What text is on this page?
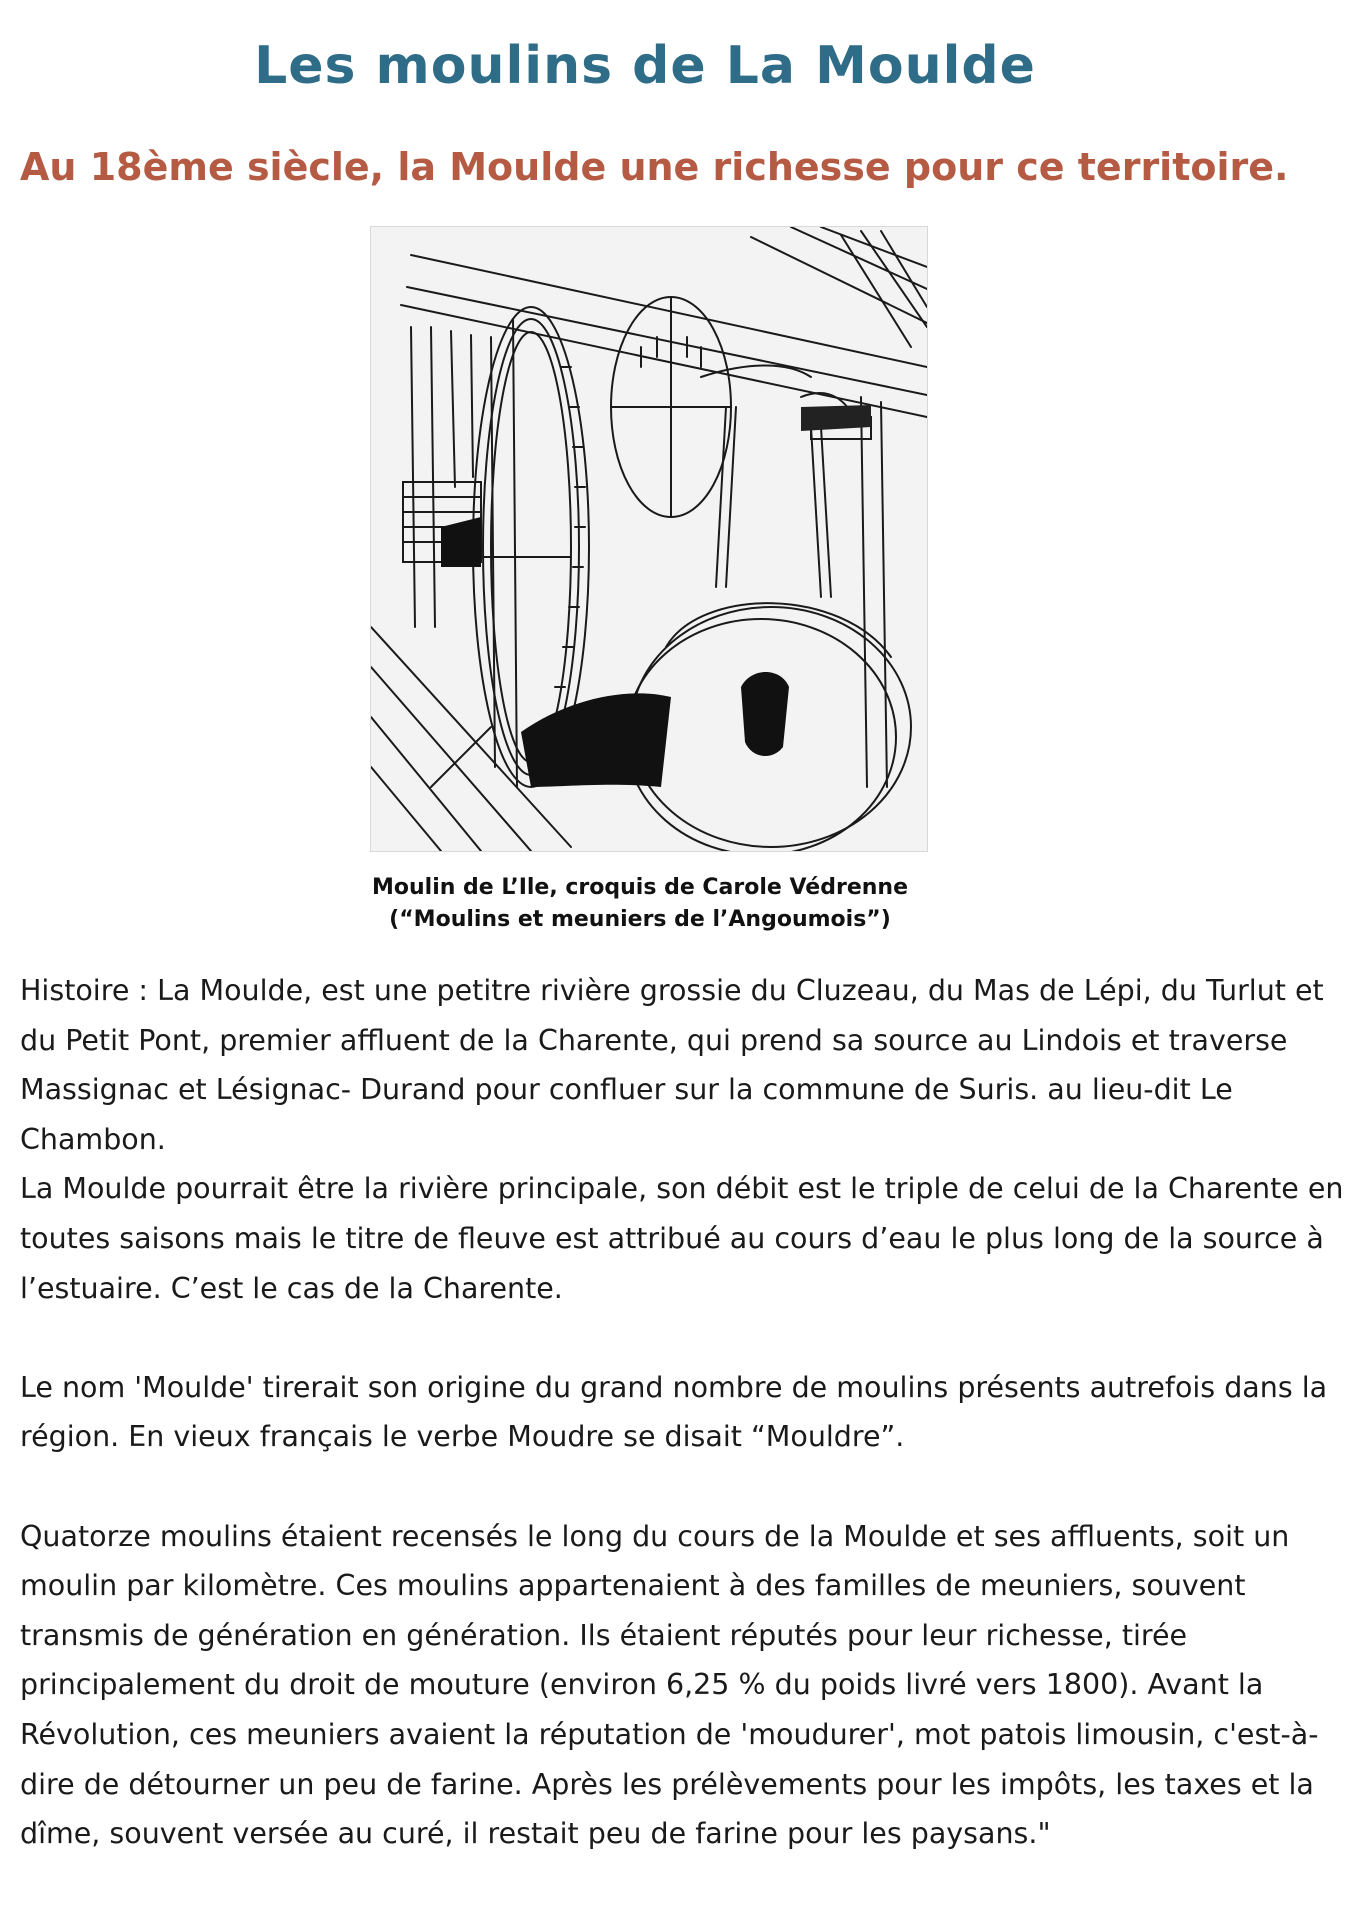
Les moulins de La Moulde
Au 18ème siècle, la Moulde une richesse pour ce territoire.
Moulin de L’Ile, croquis de Carole Védrenne
(“Moulins et meuniers de l’Angoumois”)

Histoire : La Moulde, est une petitre rivière grossie du Cluzeau, du Mas de Lépi, du Turlut et du Petit Pont, premier affluent de la Charente, qui prend sa source au Lindois et traverse Massignac et Lésignac- Durand pour confluer sur la commune de Suris. au lieu-dit Le Chambon.

La Moulde pourrait être la rivière principale, son débit est le triple de celui de la Charente en toutes saisons mais le titre de fleuve est attribué au cours d’eau le plus long de la source à l’estuaire. C’est le cas de la Charente.

Le nom 'Moulde' tirerait son origine du grand nombre de moulins présents autrefois dans la région. En vieux français le verbe Moudre se disait “Mouldre”.

Quatorze moulins étaient recensés le long du cours de la Moulde et ses affluents, soit un moulin par kilomètre. Ces moulins appartenaient à des familles de meuniers, souvent transmis de génération en génération. Ils étaient réputés pour leur richesse, tirée principalement du droit de mouture (environ 6,25 % du poids livré vers 1800). Avant la Révolution, ces meuniers avaient la réputation de 'moudurer', mot patois limousin, c'est-à-dire de détourner un peu de farine. Après les prélèvements pour les impôts, les taxes et la dîme, souvent versée au curé, il restait peu de farine pour les paysans."
